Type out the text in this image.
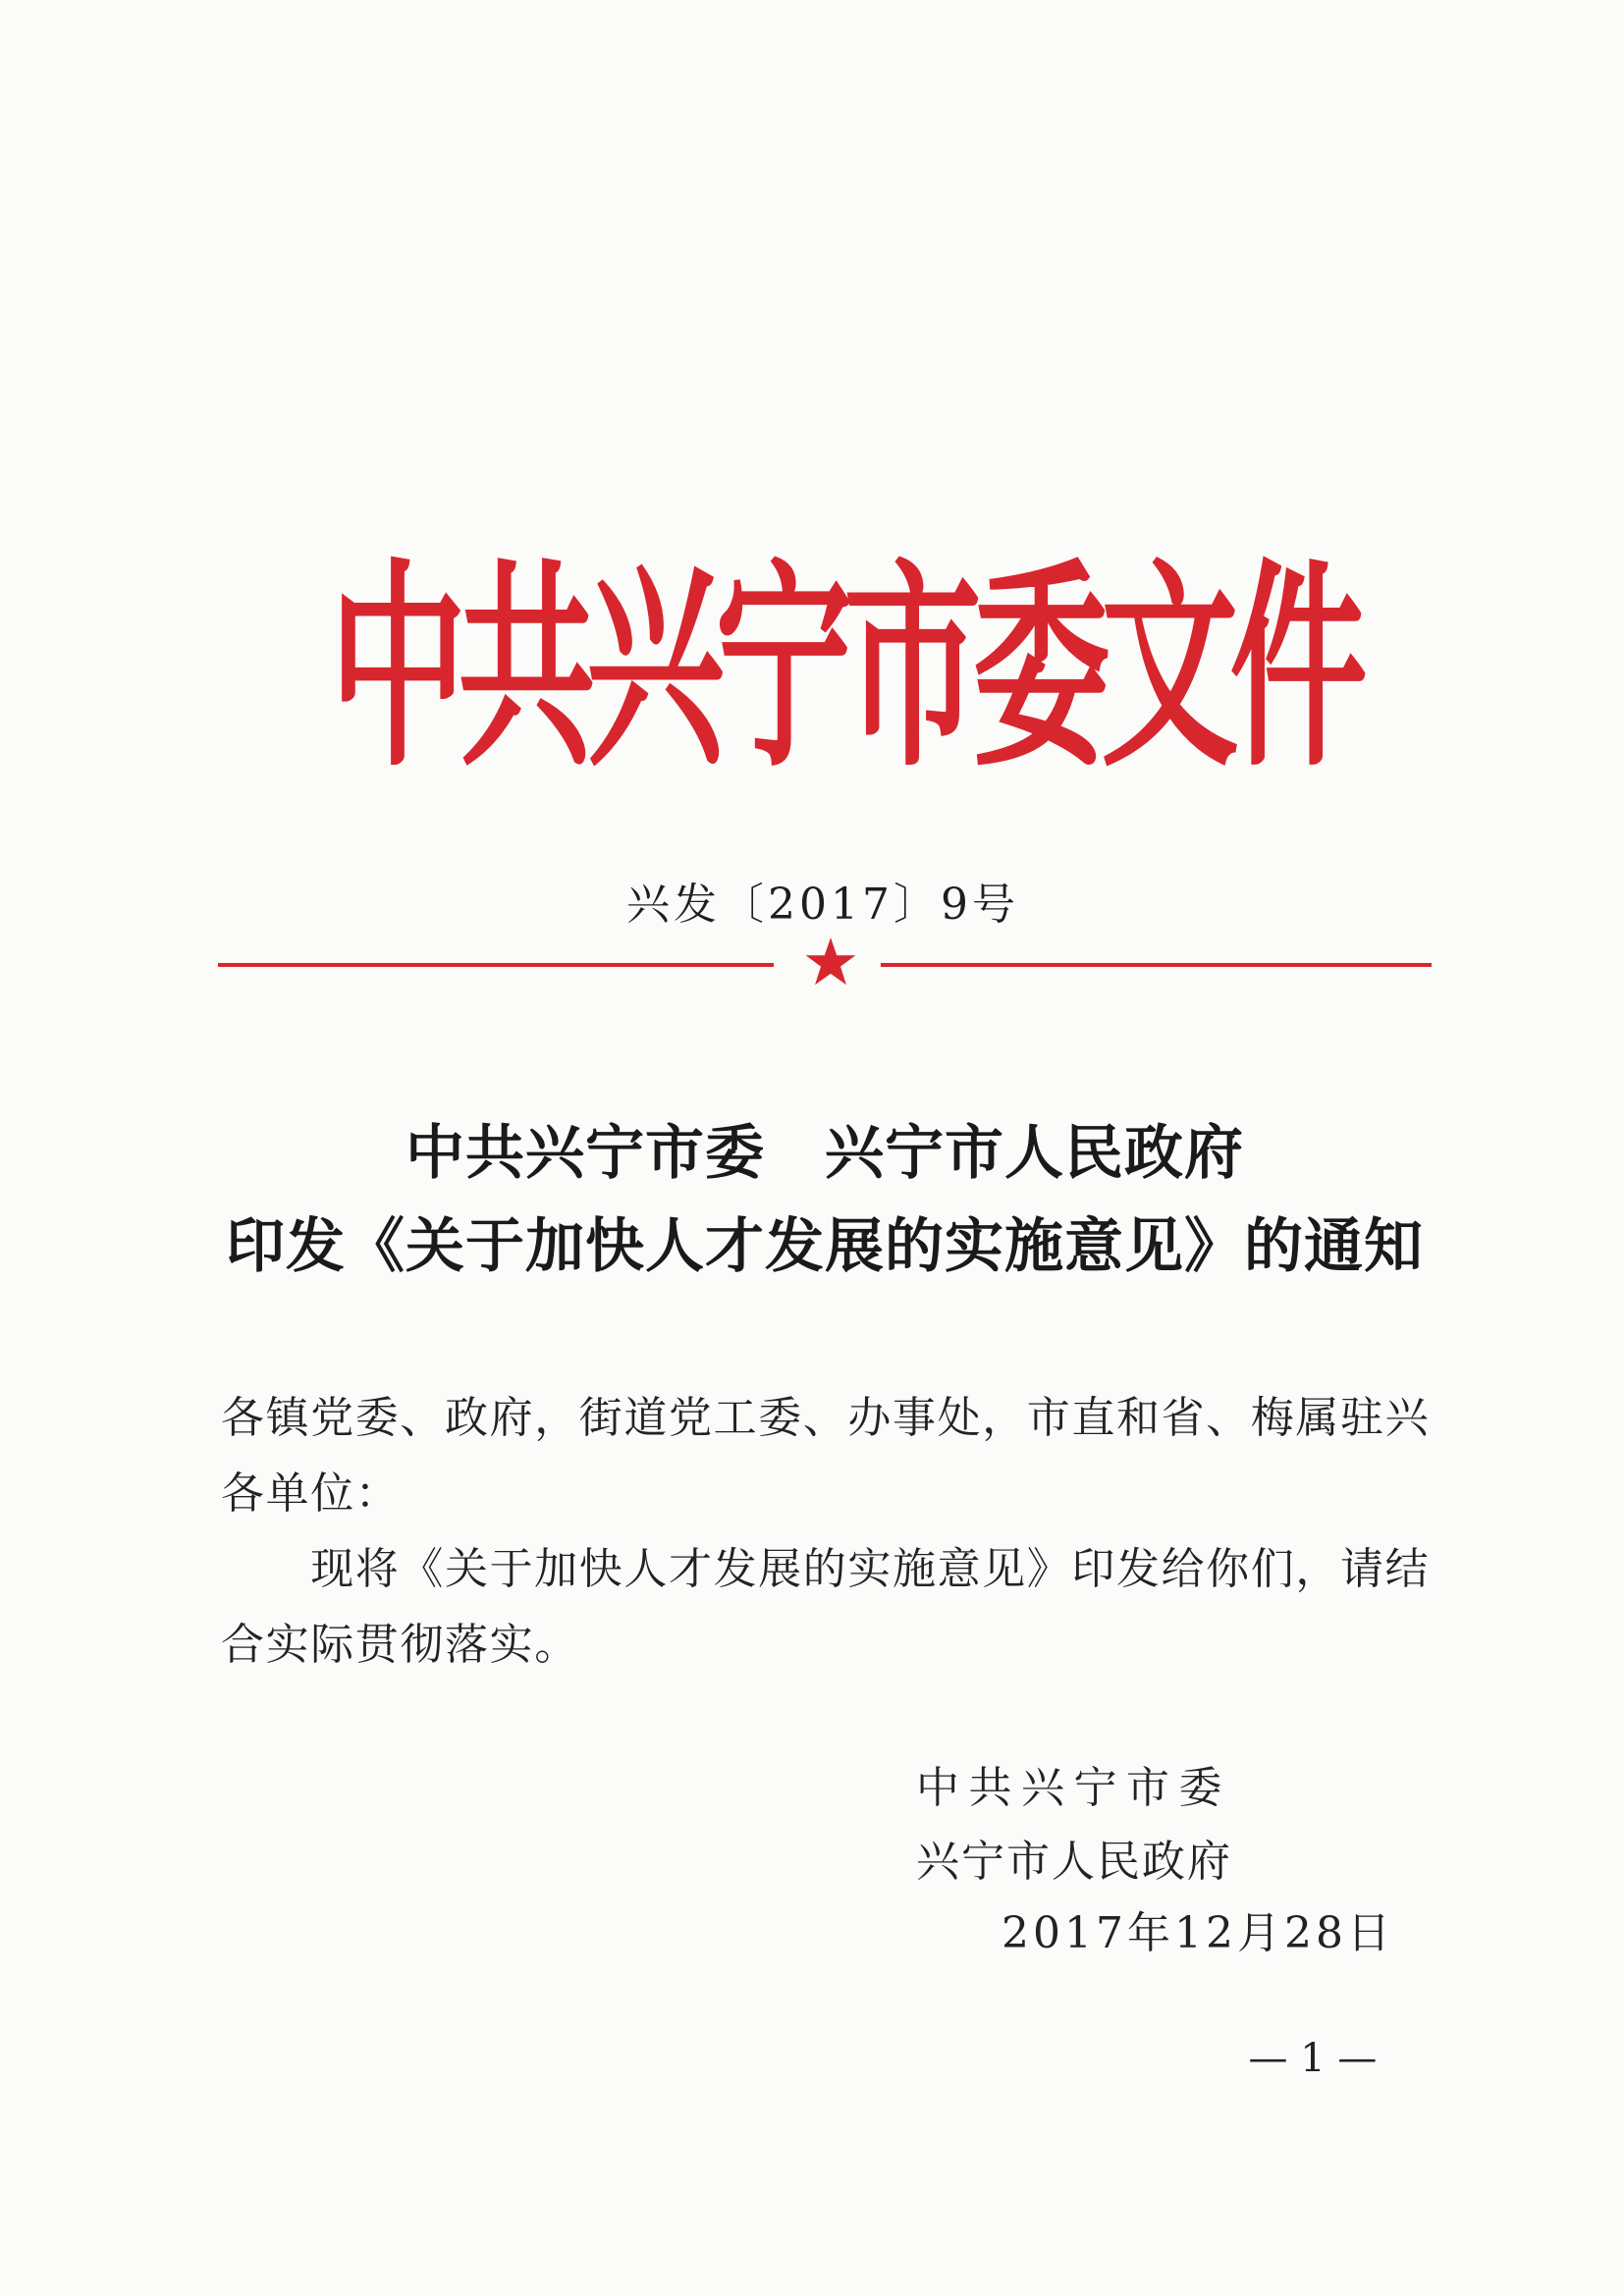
中共兴宁市委文件
兴发〔2017〕9号
中共兴宁市委　兴宁市人民政府
印发《关于加快人才发展的实施意见》的通知

各镇党委、政府，街道党工委、办事处，市直和省、梅属驻兴各单位：

现将《关于加快人才发展的实施意见》印发给你们，请结合实际贯彻落实。

中共兴宁市委
兴宁市人民政府
2017年12月28日
— 1 —
